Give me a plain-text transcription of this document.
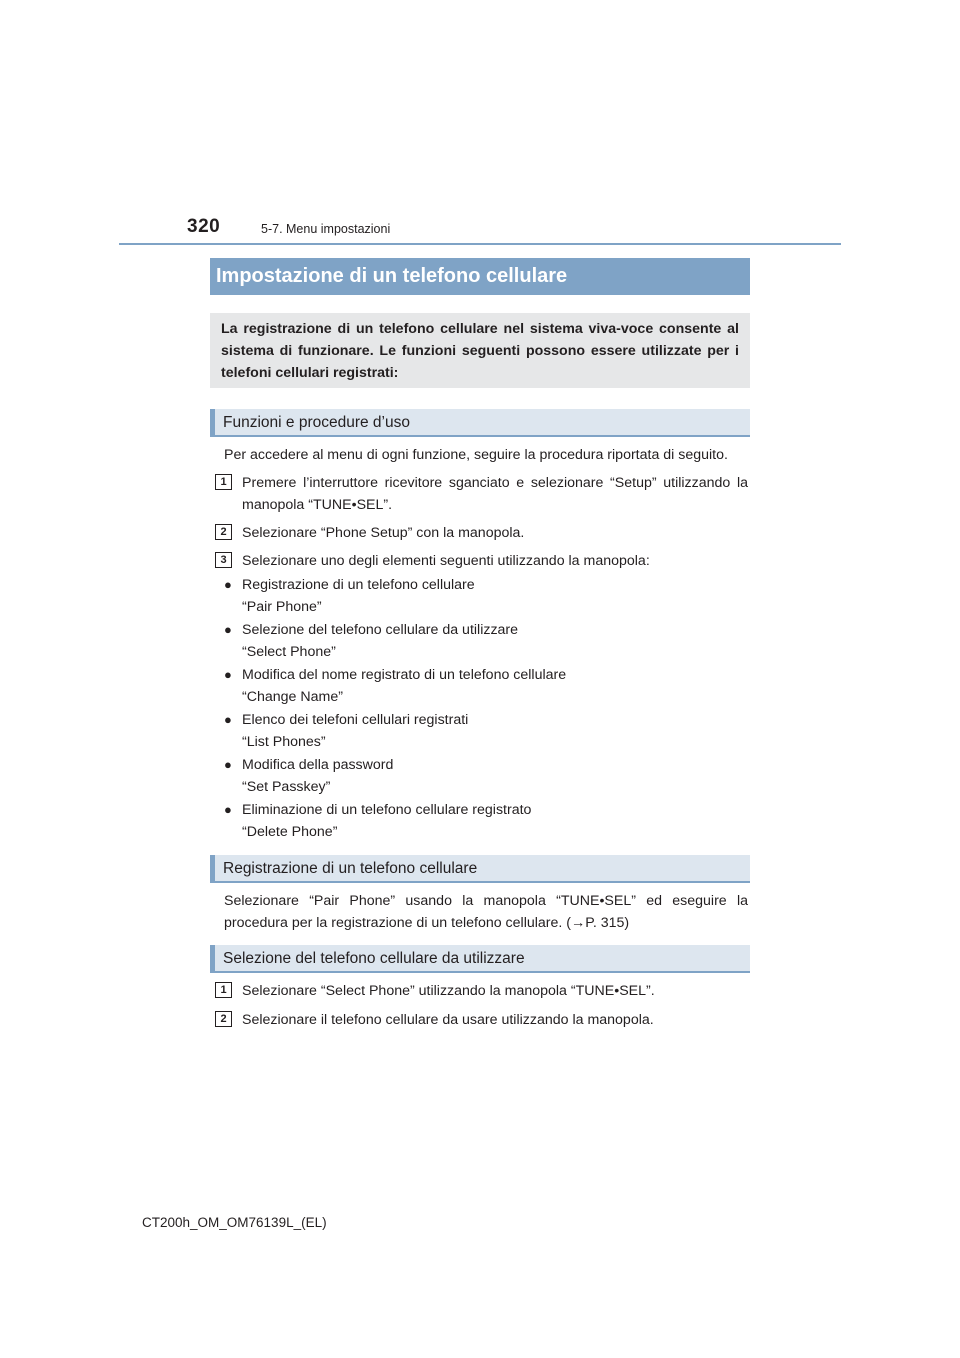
320	5-7. Menu impostazioni
Impostazione di un telefono cellulare
La registrazione di un telefono cellulare nel sistema viva-voce consente al sistema di funzionare. Le funzioni seguenti possono essere utilizzate per i telefoni cellulari registrati:
Funzioni e procedure d’uso
Per accedere al menu di ogni funzione, seguire la procedura riportata di seguito.
1	Premere l’interruttore ricevitore sganciato e selezionare “Setup” utilizzando la manopola “TUNE•SEL”.
2	Selezionare “Phone Setup” con la manopola.
3	Selezionare uno degli elementi seguenti utilizzando la manopola:
● Registrazione di un telefono cellulare
“Pair Phone”
● Selezione del telefono cellulare da utilizzare
“Select Phone”
● Modifica del nome registrato di un telefono cellulare
“Change Name”
● Elenco dei telefoni cellulari registrati
“List Phones”
● Modifica della password
“Set Passkey”
● Eliminazione di un telefono cellulare registrato
“Delete Phone”
Registrazione di un telefono cellulare
Selezionare “Pair Phone” usando la manopola “TUNE•SEL” ed eseguire la procedura per la registrazione di un telefono cellulare. (→P. 315)
Selezione del telefono cellulare da utilizzare
1	Selezionare “Select Phone” utilizzando la manopola “TUNE•SEL”.
2	Selezionare il telefono cellulare da usare utilizzando la manopola.
CT200h_OM_OM76139L_(EL)
